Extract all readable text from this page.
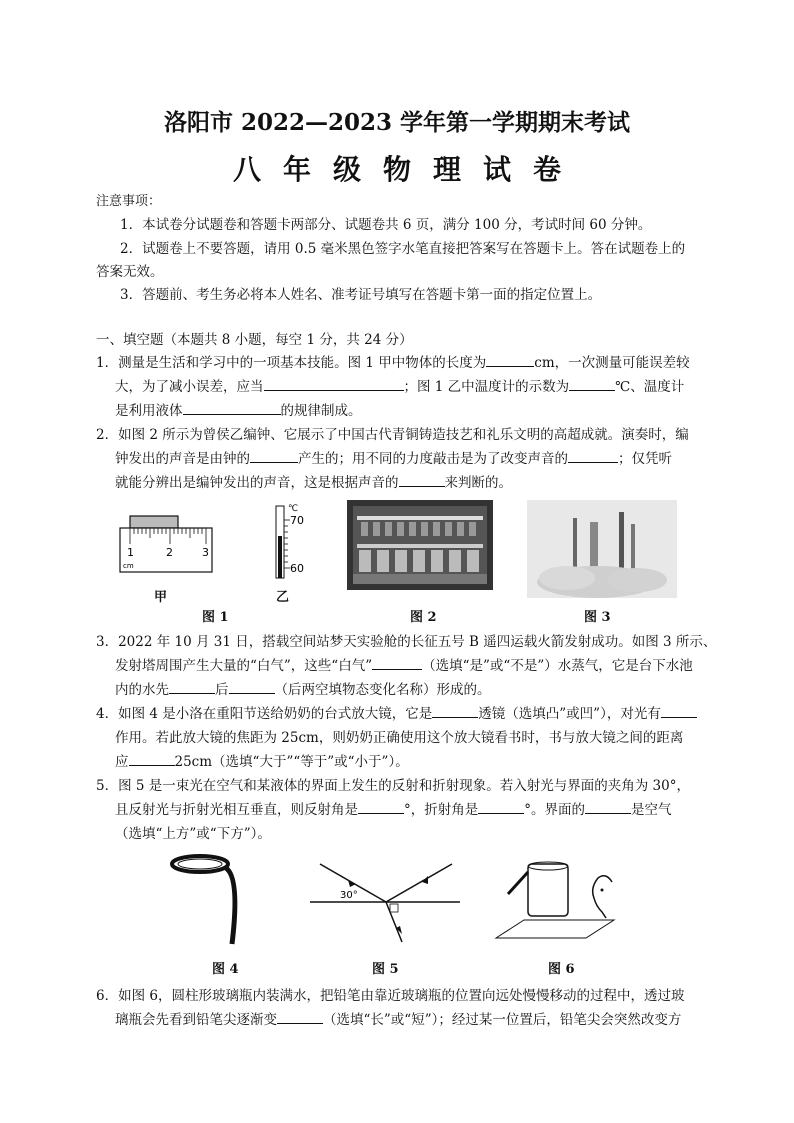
洛阳市 2022—2023 学年第一学期期末考试
八年级物理试卷
注意事项：
1．本试卷分试题卷和答题卡两部分、试题卷共 6 页，满分 100 分，考试时间 60 分钟。
2．试题卷上不要答题，请用 0.5 毫米黑色签字水笔直接把答案写在答题卡上。答在试题卷上的
答案无效。
3．答题前、考生务必将本人姓名、准考证号填写在答题卡第一面的指定位置上。
一、填空题（本题共 8 小题，每空 1 分，共 24 分）
1．测量是生活和学习中的一项基本技能。图 1 甲中物体的长度为	cm，一次测量可能误差较
大，为了减小误差，应当	；图 1 乙中温度计的示数为	℃、温度计
是利用液体	的规律制成。
2．如图 2 所示为曾侯乙编钟、它展示了中国古代青铜铸造技艺和礼乐文明的高超成就。演奏时，编
钟发出的声音是由钟的	产生的；用不同的力度敲击是为了改变声音的	；仅凭听
就能分辨出是编钟发出的声音，这是根据声音的	来判断的。
1	2	3
cm
甲
℃
70
60
乙
图 1	图 2	图 3
3．2022 年 10 月 31 日，搭载空间站梦天实验舱的长征五号 B 遥四运载火箭发射成功。如图 3 所示、
发射塔周围产生大量的“白气”，这些“白气”	（选填“是”或“不是”）水蒸气，它是台下水池
内的水先	后	（后两空填物态变化名称）形成的。
4．如图 4 是小洛在重阳节送给奶奶的台式放大镜，它是	透镜（选填凸”或凹”），对光有
作用。若此放大镜的焦距为 25cm，则奶奶正确使用这个放大镜看书时，书与放大镜之间的距离
应	25cm（选填“大于”“等于”或“小于”）。
5．图 5 是一束光在空气和某液体的界面上发生的反射和折射现象。若入射光与界面的夹角为 30°，
且反射光与折射光相互垂直，则反射角是	°，折射角是	°。界面的	是空气
（选填“上方”或“下方”）。
图 4
30°
图 5	图 6
6．如图 6，圆柱形玻璃瓶内装满水，把铅笔由靠近玻璃瓶的位置向远处慢慢移动的过程中，透过玻
璃瓶会先看到铅笔尖逐渐变	（选填“长”或“短”）；经过某一位置后，铅笔尖会突然改变方
